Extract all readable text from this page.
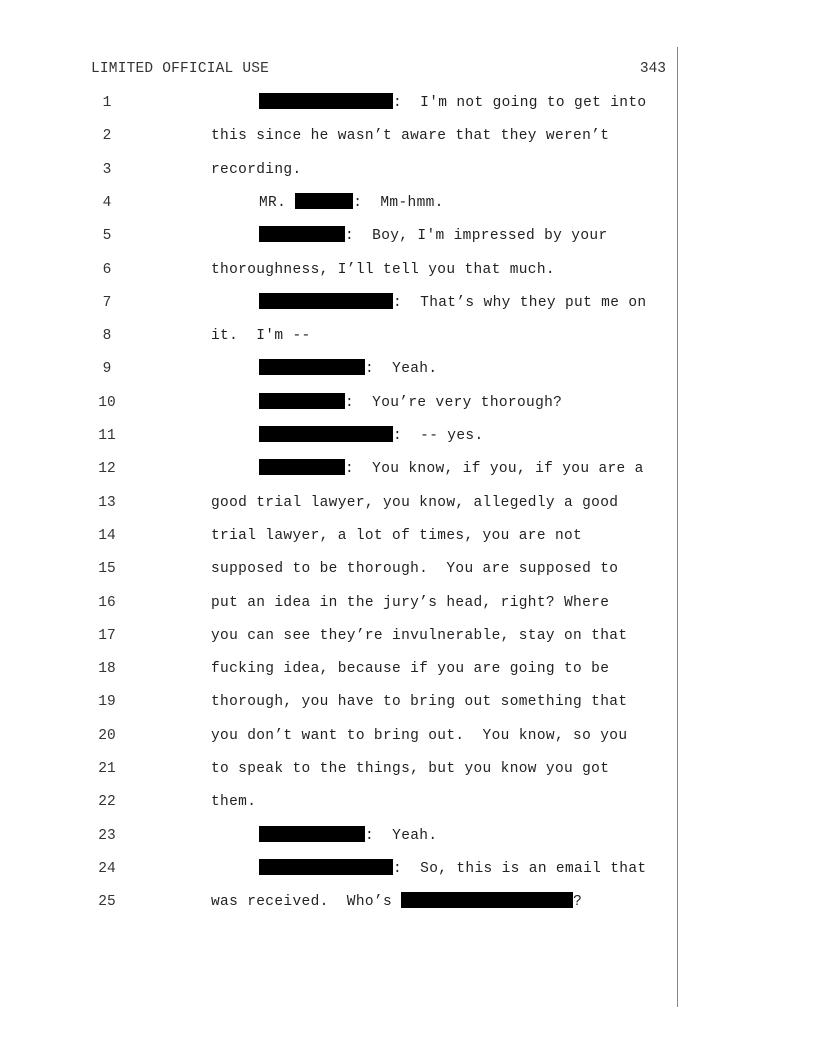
LIMITED OFFICIAL USE	343
1	:  I'm not going to get into
2	this since he wasn’t aware that they weren’t
3	recording.
4	MR.	:  Mm-hmm.
5	:  Boy, I'm impressed by your
6	thoroughness, I’ll tell you that much.
7	:  That’s why they put me on
8	it.  I'm --
9	:  Yeah.
10	:  You’re very thorough?
11	:  -- yes.
12	:  You know, if you, if you are a
13	good trial lawyer, you know, allegedly a good
14	trial lawyer, a lot of times, you are not
15	supposed to be thorough.  You are supposed to
16	put an idea in the jury’s head, right? Where
17	you can see they’re invulnerable, stay on that
18	fucking idea, because if you are going to be
19	thorough, you have to bring out something that
20	you don’t want to bring out.  You know, so you
21	to speak to the things, but you know you got
22	them.
23	:  Yeah.
24	:  So, this is an email that
25	was received.  Who’s	?
